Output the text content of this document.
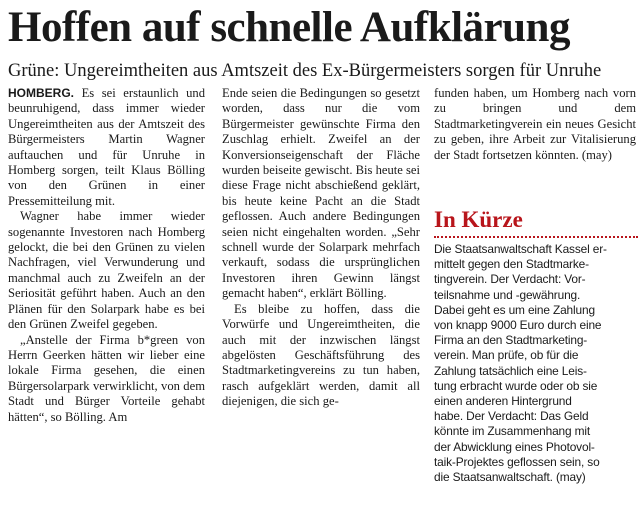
Hoffen auf schnelle Aufklärung
Grüne: Ungereimtheiten aus Amtszeit des Ex-Bürgermeisters sorgen für Unruhe

HOMBERG. Es sei erstaunlich und beunruhigend, dass immer wieder Ungereimtheiten aus der Amtszeit des Bürgermeisters Martin Wagner auftauchen und für Unruhe in Homberg sorgen, teilt Klaus Bölling von den Grünen in einer Pressemitteilung mit.

Wagner habe immer wieder sogenannte Investoren nach Homberg gelockt, die bei den Grünen zu vielen Nachfragen, viel Verwunderung und manchmal auch zu Zweifeln an der Seriosität geführt haben. Auch an den Plänen für den Solarpark habe es bei den Grünen Zweifel gegeben.

„Anstelle der Firma b*green von Herrn Geerken hätten wir lieber eine lokale Firma gesehen, die einen Bürgersolarpark verwirklicht, von dem Stadt und Bürger Vorteile gehabt hätten“, so Bölling. Am

Ende seien die Bedingungen so gesetzt worden, dass nur die vom Bürgermeister gewünschte Firma den Zuschlag erhielt. Zweifel an der Konversionseigenschaft der Fläche wurden beiseite gewischt. Bis heute sei diese Frage nicht abschießend geklärt, bis heute keine Pacht an die Stadt geflossen. Auch andere Bedingungen seien nicht eingehalten worden. „Sehr schnell wurde der Solarpark mehrfach verkauft, sodass die ursprünglichen Investoren ihren Gewinn längst gemacht haben“, erklärt Bölling.

Es bleibe zu hoffen, dass die Vorwürfe und Ungereimtheiten, die auch mit der inzwischen längst abgelösten Geschäftsführung des Stadtmarketingvereins zu tun haben, rasch aufgeklärt werden, damit all diejenigen, die sich ge-

funden haben, um Homberg nach vorn zu bringen und dem Stadtmarketingverein ein neues Gesicht zu geben, ihre Arbeit zur Vitalisierung der Stadt fortsetzen könnten. (may)

In Kürze
Die Staatsanwaltschaft Kassel er-
mittelt gegen den Stadtmarke-
tingverein. Der Verdacht: Vor-
teilsnahme und -gewährung.
Dabei geht es um eine Zahlung
von knapp 9000 Euro durch eine
Firma an den Stadtmarketing-
verein. Man prüfe, ob für die
Zahlung tatsächlich eine Leis-
tung erbracht wurde oder ob sie
einen anderen Hintergrund
habe. Der Verdacht: Das Geld
könnte im Zusammenhang mit
der Abwicklung eines Photovol-
taik-Projektes geflossen sein, so
die Staatsanwaltschaft. (may)
